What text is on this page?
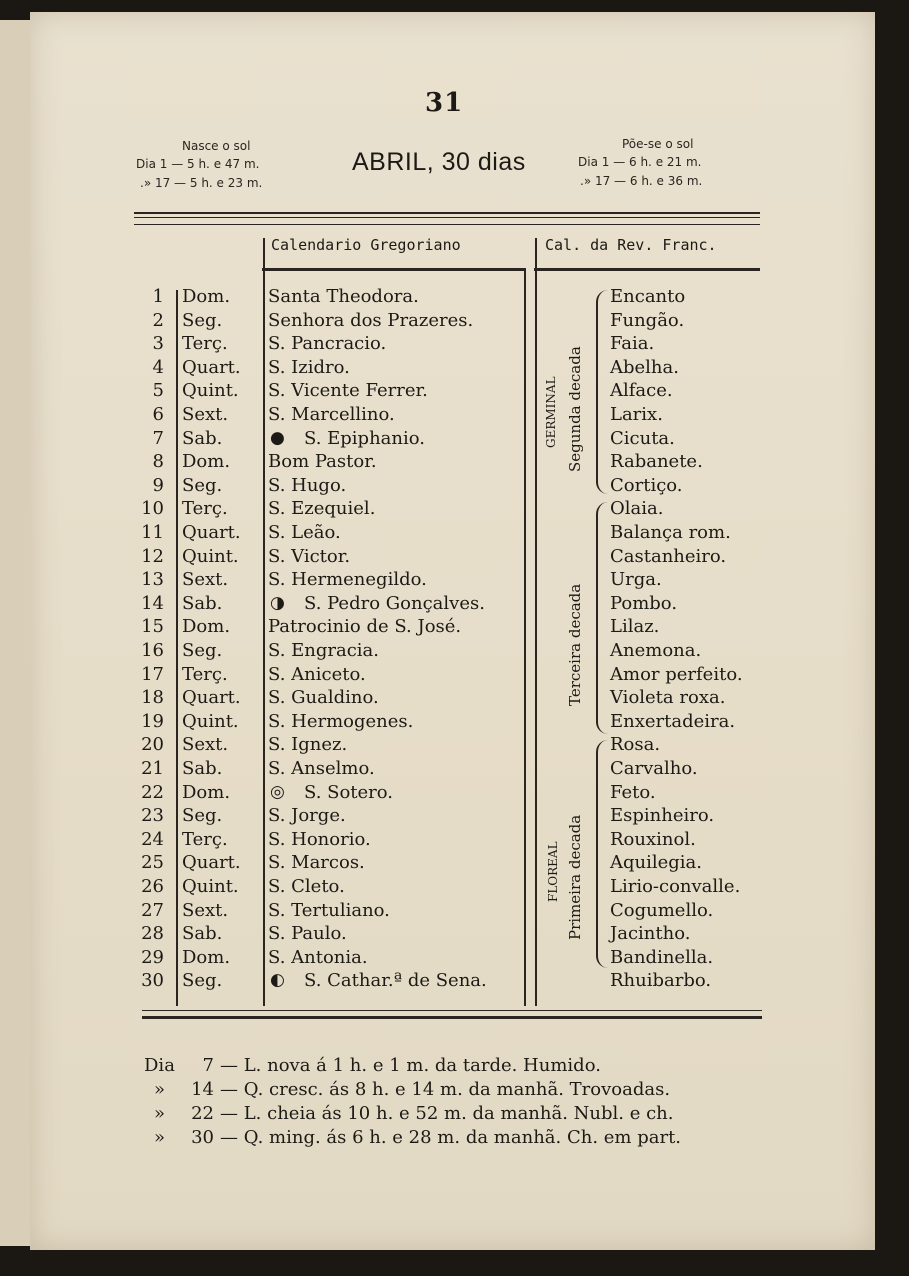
31
Nasce o sol
Dia 1 — 5 h. e 47 m.
.» 17 — 5 h. e 23 m.
ABRIL, 30 dias
Põe-se o sol
Dia 1 — 6 h. e 21 m.
.» 17 — 6 h. e 36 m.
Calendario Gregoriano	Cal. da Rev. Franc.
1 Dom. Santa Theodora.	Encanto
2 Seg.	Senhora dos Prazeres.	Fungão.
3 Terç. S. Pancracio.	Faia.
4 Quart. S. Izidro.	Abelha.
5 Quint. S. Vicente Ferrer.	Alface.
6 Sext. S. Marcellino.	Larix.
7 Sab.	● S. Epiphanio.	Cicuta.
8 Dom. Bom Pastor.	Rabanete.
9 Seg.	S. Hugo.	Cortiço.
10 Terç. S. Ezequiel.	Olaia.
11 Quart. S. Leão.	Balança rom.
12 Quint. S. Victor.	Castanheiro.
13 Sext. S. Hermenegildo.	Urga.
14 Sab.	◑ S. Pedro Gonçalves.	Pombo.
15 Dom. Patrocinio de S. José.	Lilaz.
16 Seg.	S. Engracia.	Anemona.
17 Terç. S. Aniceto.	Amor perfeito.
18 Quart. S. Gualdino.	Violeta roxa.
19 Quint. S. Hermogenes.	Enxertadeira.
20 Sext. S. Ignez.	Rosa.
21 Sab.	S. Anselmo.	Carvalho.
22 Dom. ◎ S. Sotero.	Feto.
23 Seg.	S. Jorge.	Espinheiro.
24 Terç. S. Honorio.	Rouxinol.
25 Quart. S. Marcos.	Aquilegia.
26 Quint. S. Cleto.	Lirio-convalle.
27 Sext. S. Tertuliano.	Cogumello.
28 Sab.	S. Paulo.	Jacintho.
29 Dom. S. Antonia.	Bandinella.
30 Seg.	◐ S. Cathar.ª de Sena.	Rhuibarbo.
GERMINAL Segunda decada
Terceira decada
FLOREAL Primeira decada
Dia	7 — L. nova á 1 h. e 1 m. da tarde. Humido.
» 14 — Q. cresc. ás 8 h. e 14 m. da manhã. Trovoadas.
» 22 — L. cheia ás 10 h. e 52 m. da manhã. Nubl. e ch.
» 30 — Q. ming. ás 6 h. e 28 m. da manhã. Ch. em part.
